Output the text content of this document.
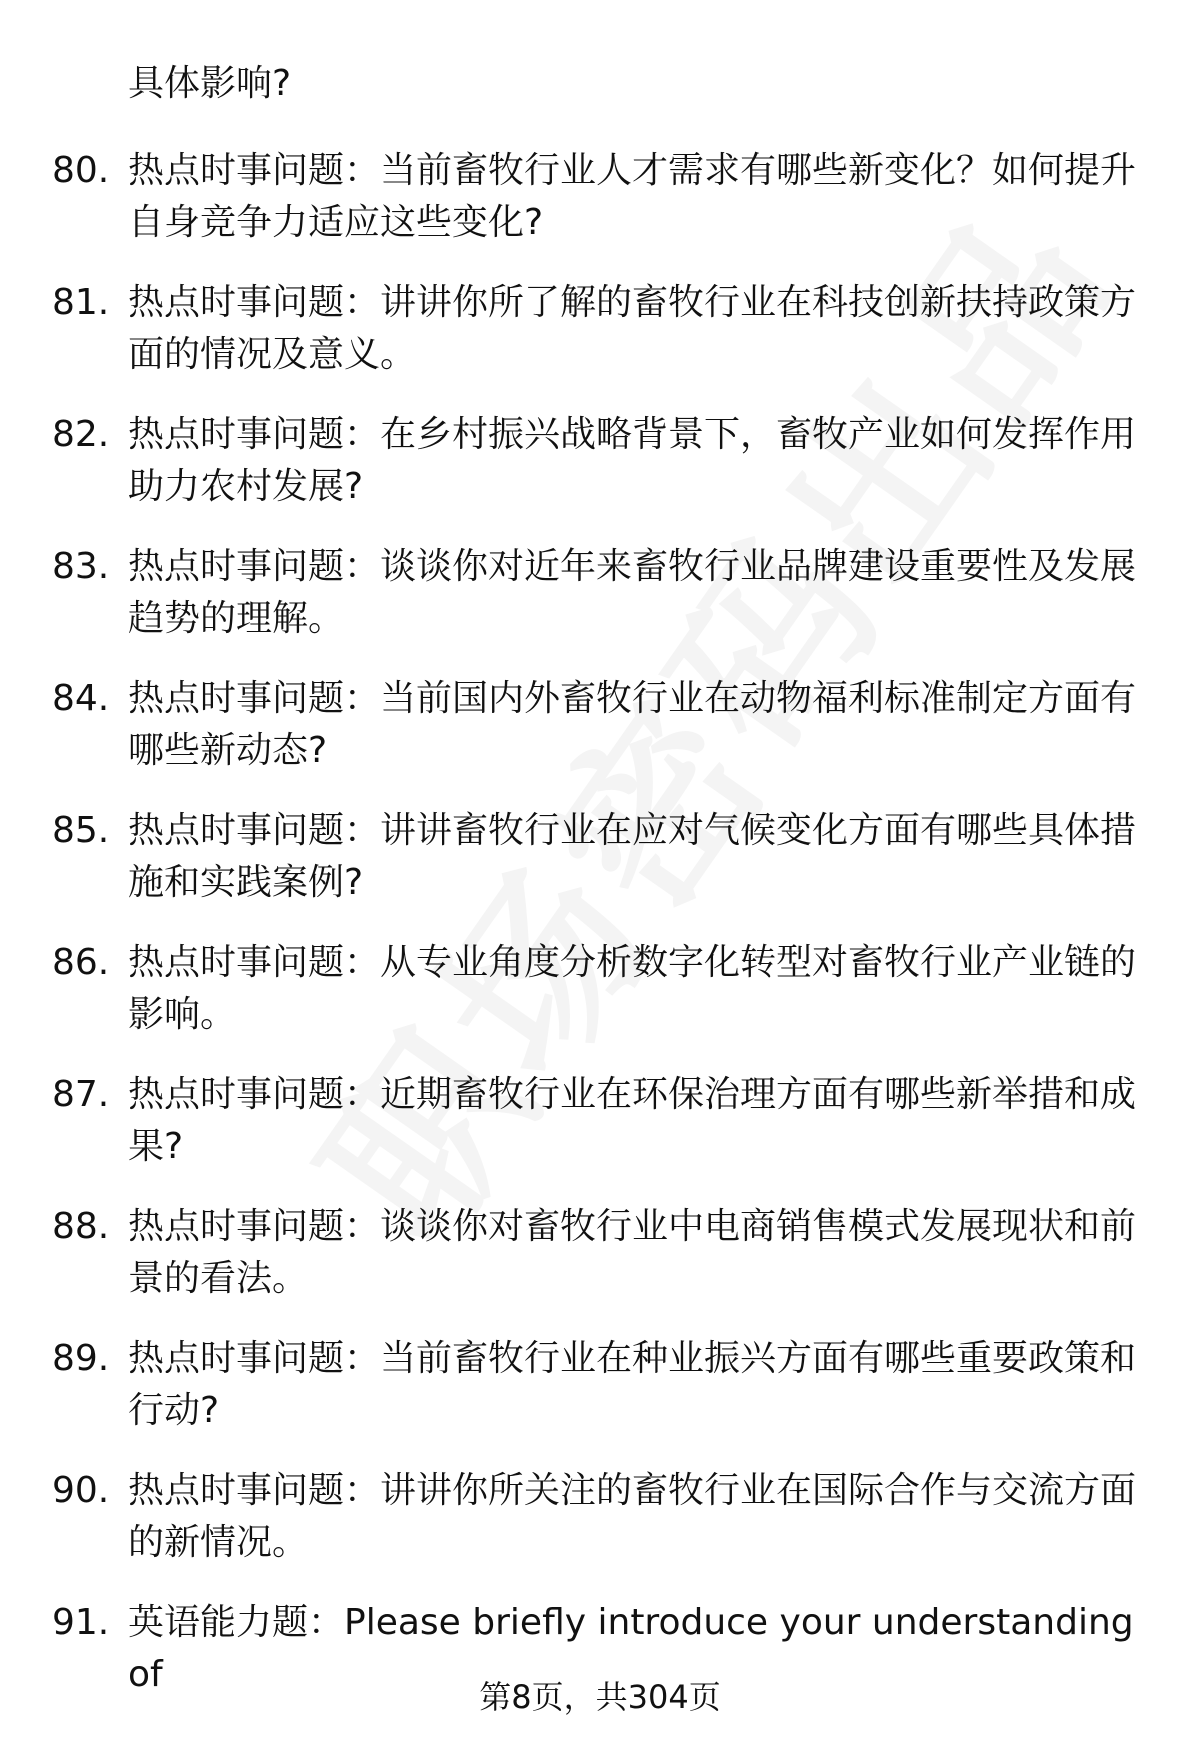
具体影响?
80. 热点时事问题：当前畜牧行业人才需求有哪些新变化？如何提升
自身竞争力适应这些变化?
81. 热点时事问题：讲讲你所了解的畜牧行业在科技创新扶持政策方
面的情况及意义。
82. 热点时事问题：在乡村振兴战略背景下，畜牧产业如何发挥作用
助力农村发展?
83. 热点时事问题：谈谈你对近年来畜牧行业品牌建设重要性及发展
趋势的理解。
84. 热点时事问题：当前国内外畜牧行业在动物福利标准制定方面有
哪些新动态?
85. 热点时事问题：讲讲畜牧行业在应对气候变化方面有哪些具体措
施和实践案例?
86. 热点时事问题：从专业角度分析数字化转型对畜牧行业产业链的
影响。
87. 热点时事问题：近期畜牧行业在环保治理方面有哪些新举措和成
果?
88. 热点时事问题：谈谈你对畜牧行业中电商销售模式发展现状和前
景的看法。
89. 热点时事问题：当前畜牧行业在种业振兴方面有哪些重要政策和
行动?
90. 热点时事问题：讲讲你所关注的畜牧行业在国际合作与交流方面
的新情况。
91. 英语能力题：Please briefly introduce your understanding of
第8页，共304页
